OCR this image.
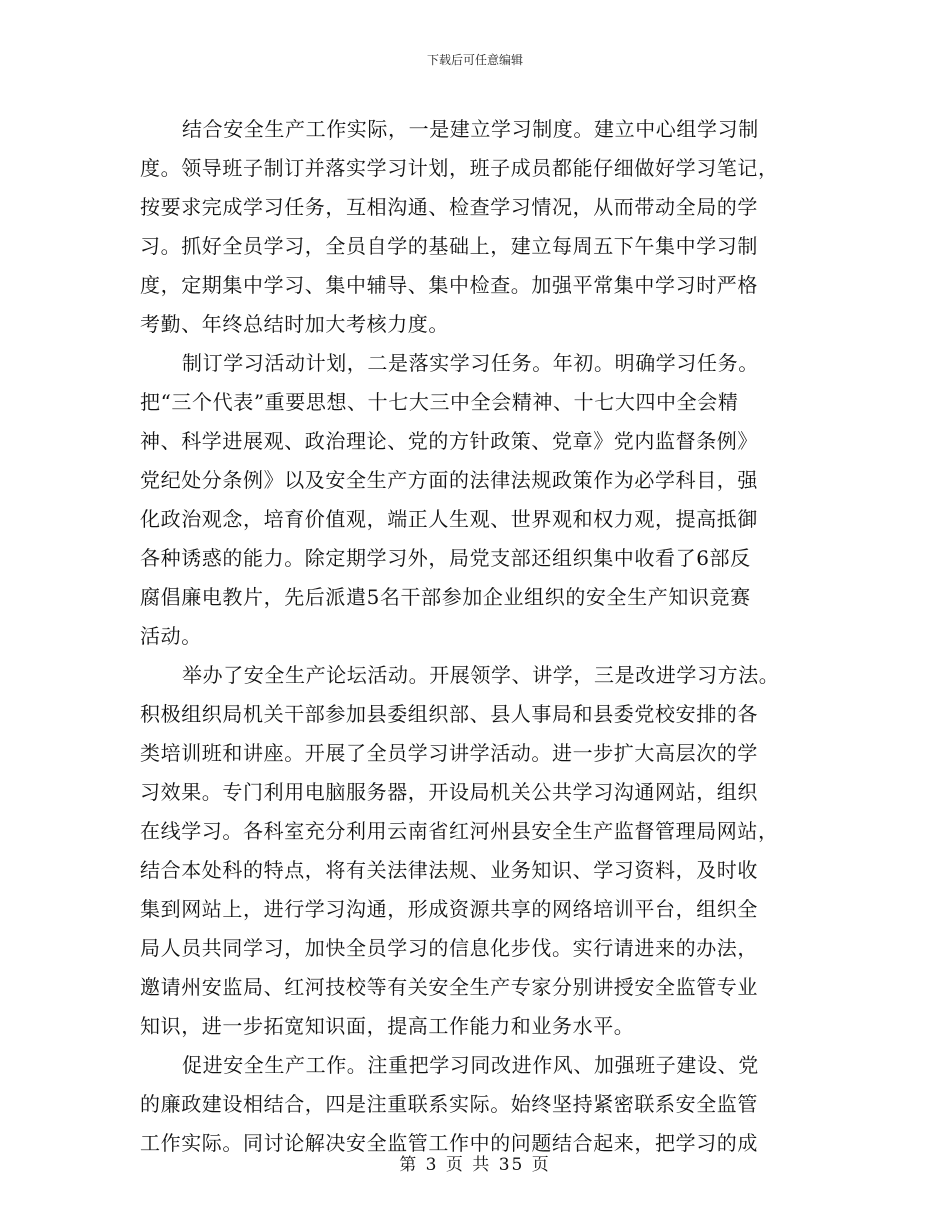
下载后可任意编辑
结合安全生产工作实际，一是建立学习制度。建立中心组学习制
度。领导班子制订并落实学习计划，班子成员都能仔细做好学习笔记，
按要求完成学习任务，互相沟通、检查学习情况，从而带动全局的学
习。抓好全员学习，全员自学的基础上，建立每周五下午集中学习制
度，定期集中学习、集中辅导、集中检查。加强平常集中学习时严格
考勤、年终总结时加大考核力度。
制订学习活动计划，二是落实学习任务。年初。明确学习任务。
把“三个代表”重要思想、十七大三中全会精神、十七大四中全会精
神、科学进展观、政治理论、党的方针政策、党章》党内监督条例》
党纪处分条例》以及安全生产方面的法律法规政策作为必学科目，强
化政治观念，培育价值观，端正人生观、世界观和权力观，提高抵御
各种诱惑的能力。除定期学习外，局党支部还组织集中收看了6部反
腐倡廉电教片，先后派遣5名干部参加企业组织的安全生产知识竞赛
活动。
举办了安全生产论坛活动。开展领学、讲学，三是改进学习方法。
积极组织局机关干部参加县委组织部、县人事局和县委党校安排的各
类培训班和讲座。开展了全员学习讲学活动。进一步扩大高层次的学
习效果。专门利用电脑服务器，开设局机关公共学习沟通网站，组织
在线学习。各科室充分利用云南省红河州县安全生产监督管理局网站，
结合本处科的特点，将有关法律法规、业务知识、学习资料，及时收
集到网站上，进行学习沟通，形成资源共享的网络培训平台，组织全
局人员共同学习，加快全员学习的信息化步伐。实行请进来的办法，
邀请州安监局、红河技校等有关安全生产专家分别讲授安全监管专业
知识，进一步拓宽知识面，提高工作能力和业务水平。
促进安全生产工作。注重把学习同改进作风、加强班子建设、党
的廉政建设相结合，四是注重联系实际。始终坚持紧密联系安全监管
工作实际。同讨论解决安全监管工作中的问题结合起来，把学习的成
第 3 页 共 35 页
